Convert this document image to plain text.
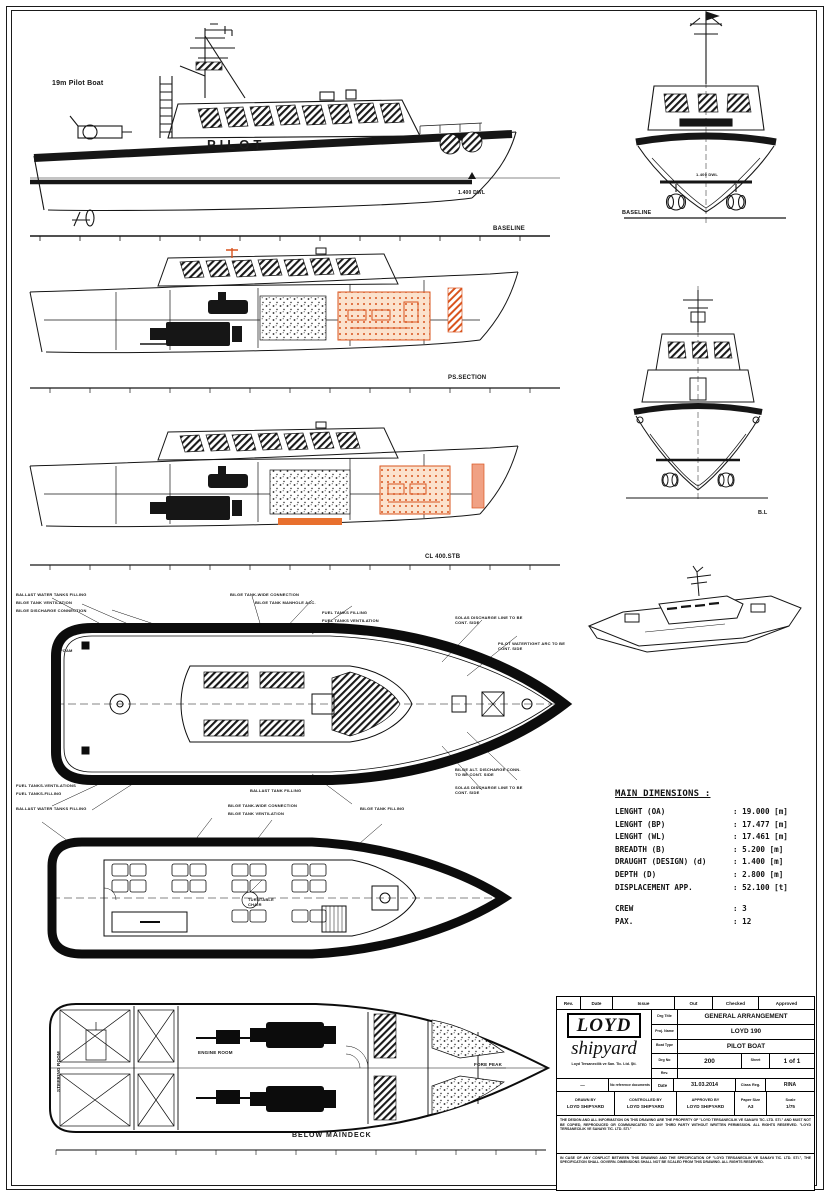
19m Pilot Boat
PILOT
1.400 DWL
BASELINE
BASELINE
1.400 DWL
PS.SECTION
CL 400.STB
B.L
BALLAST WATER TANKS FILLING
BILGE TANK VENTILATION
BILGE DISCHARGE CONNECTION
BILGE TANK-WIDE CONNECTION
BILGE TANK MANHOLE ACC.
FUEL TANKS FILLING
FUEL TANKS VENTILATION
FOAM
SOLAS DISCHARGE LINE TO BE CONT. SIDE
PILOT WATERTIGHT ARC TO BE CONT. SIDE
FUEL TANKS-VENTILATIONS
FUEL TANKS-FILLING
BALLAST TANK FILLING
BILGE ALT. DISCHARGE CONN. TO BE CONT. SIDE
SOLAS DISCHARGE LINE TO BE CONT. SIDE
BALLAST WATER TANKS FILLING
BILGE TANK-WIDE CONNECTION
BILGE TANK VENTILATION
BILGE TANK FILLING
TURNTABLE CHAIR
MAIN DIMENSIONS :
LENGHT (OA)	: 19.000 [m]
LENGHT (BP)	: 17.477 [m]
LENGHT (WL)	: 17.461 [m]
BREADTH (B)	: 5.200 [m]
DRAUGHT (DESIGN) (d)	: 1.400 [m]
DEPTH (D)	: 2.800 [m]
DISPLACEMENT APP.	: 52.100 [t]
CREW	: 3
PAX.	: 12
STEERING ROOM	ENGINE ROOM
FORE PEAK
BELOW MAINDECK
Rev.	Date	Issue	Out	Checked	Approved
LOYD
shipyard
Loyd Tersanecilik ve San. Tic. Ltd. Şti.
Drg Title	GENERAL ARRANGEMENT
Proj. Name	LOYD 190
Boat Type	PILOT BOAT
Drg No	200	Sheet	1 of 1
Rev.
—	No reference documents	Date	31.03.2014	Class Reg.	RINA
DRAWN BY
LOYD SHIPYARD
CONTROLLED BY
LOYD SHIPYARD
APPROVED BY
LOYD SHIPYARD
Paper Size
A3
Scale
1/75
THE DESIGN AND ALL INFORMATION ON THIS DRAWING ARE THE PROPERTY OF "LOYD TERSANECILIK VE SANAYII TIC. LTD. STI." AND MUST NOT BE COPIED, REPRODUCED OR COMMUNICATED TO ANY THIRD PARTY WITHOUT WRITTEN PERMISSION. ALL RIGHTS RESERVED. "LOYD TERSANECILIK VE SANAYII TIC. LTD. STI."
IN CASE OF ANY CONFLICT BETWEEN THIS DRAWING AND THE SPECIFICATION OF "LOYD TERSANECILIK VE SANAYII TIC. LTD. STI.", THE SPECIFICATION SHALL GOVERN. DIMENSIONS SHALL NOT BE SCALED FROM THIS DRAWING. ALL RIGHTS RESERVED.
